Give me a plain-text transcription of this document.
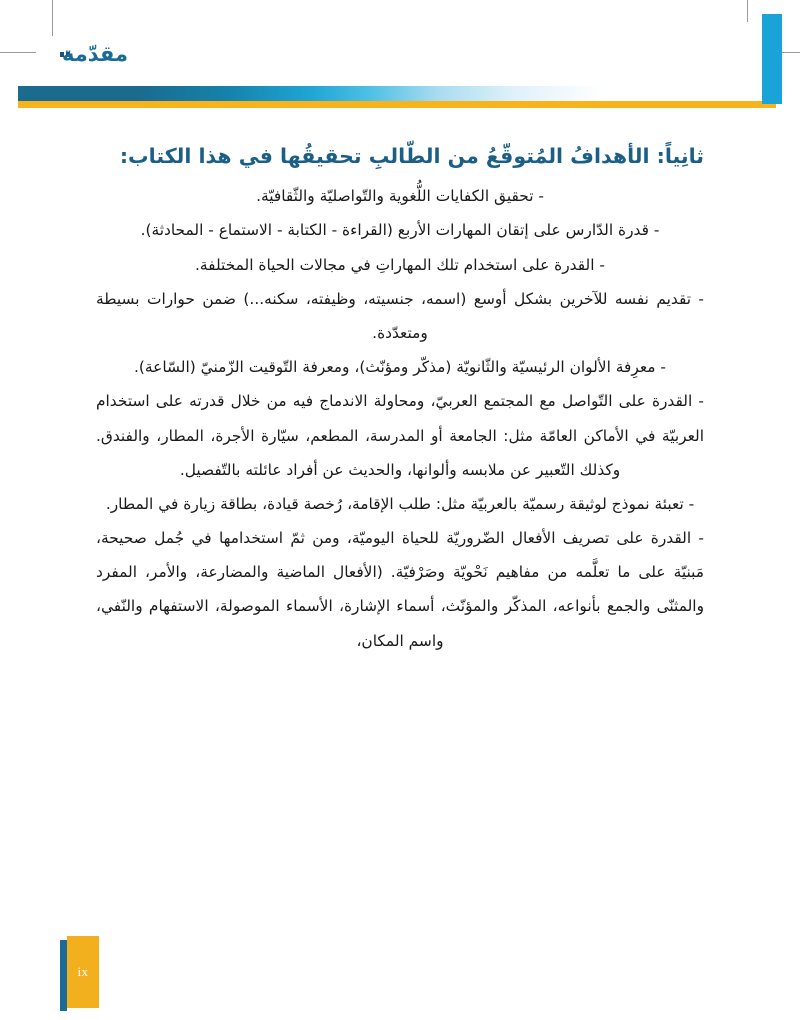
مقدّمة
ثانِياً: الأهدافُ المُتوقّعُ من الطّالبِ تحقيقُها في هذا الكتاب:
- تحقيق الكفايات اللُّغوية والتّواصليّة والثّقافيّة.
- قدرة الدّارس على إتقان المهارات الأربع (القراءة - الكتابة - الاستماع - المحادثة).
- القدرة على استخدام تلك المهاراتِ في مجالات الحياة المختلفة.
- تقديم نفسه للآخرين بشكل أوسع (اسمه، جنسيته، وظيفته، سكنه...) ضمن حوارات بسيطة ومتعدّدة.
- معرِفة الألوان الرئيسيّة والثّانويّة (مذكّر ومؤنّث)، ومعرفة التّوقيت الزّمنيّ (السّاعة).
- القدرة على التّواصل مع المجتمع العربيّ، ومحاولة الاندماج فيه من خلال قدرته على استخدام العربيّة في الأماكن العامّة مثل: الجامعة أو المدرسة، المطعم، سيّارة الأجرة، المطار، والفندق. وكذلك التّعبير عن ملابسه وألوانها، والحديث عن أفراد عائلته بالتّفصيل.
- تعبئة نموذج لوثيقة رسميّة بالعربيّة مثل: طلب الإقامة، رُخصة قيادة، بطاقة زيارة في المطار.
- القدرة على تصريف الأفعال الضّروريّة للحياة اليوميّة، ومن ثمّ استخدامها في جُمل صحيحة، مَبنيّة على ما تعلَّمه من مفاهيم نَحْويّة وصَرْفيّة. (الأفعال الماضية والمضارعة، والأمر، المفرد والمثنّى والجمع بأنواعه، المذكّر والمؤنّث، أسماء الإشارة، الأسماء الموصولة، الاستفهام والنّفي، واسم المكان،
ix
